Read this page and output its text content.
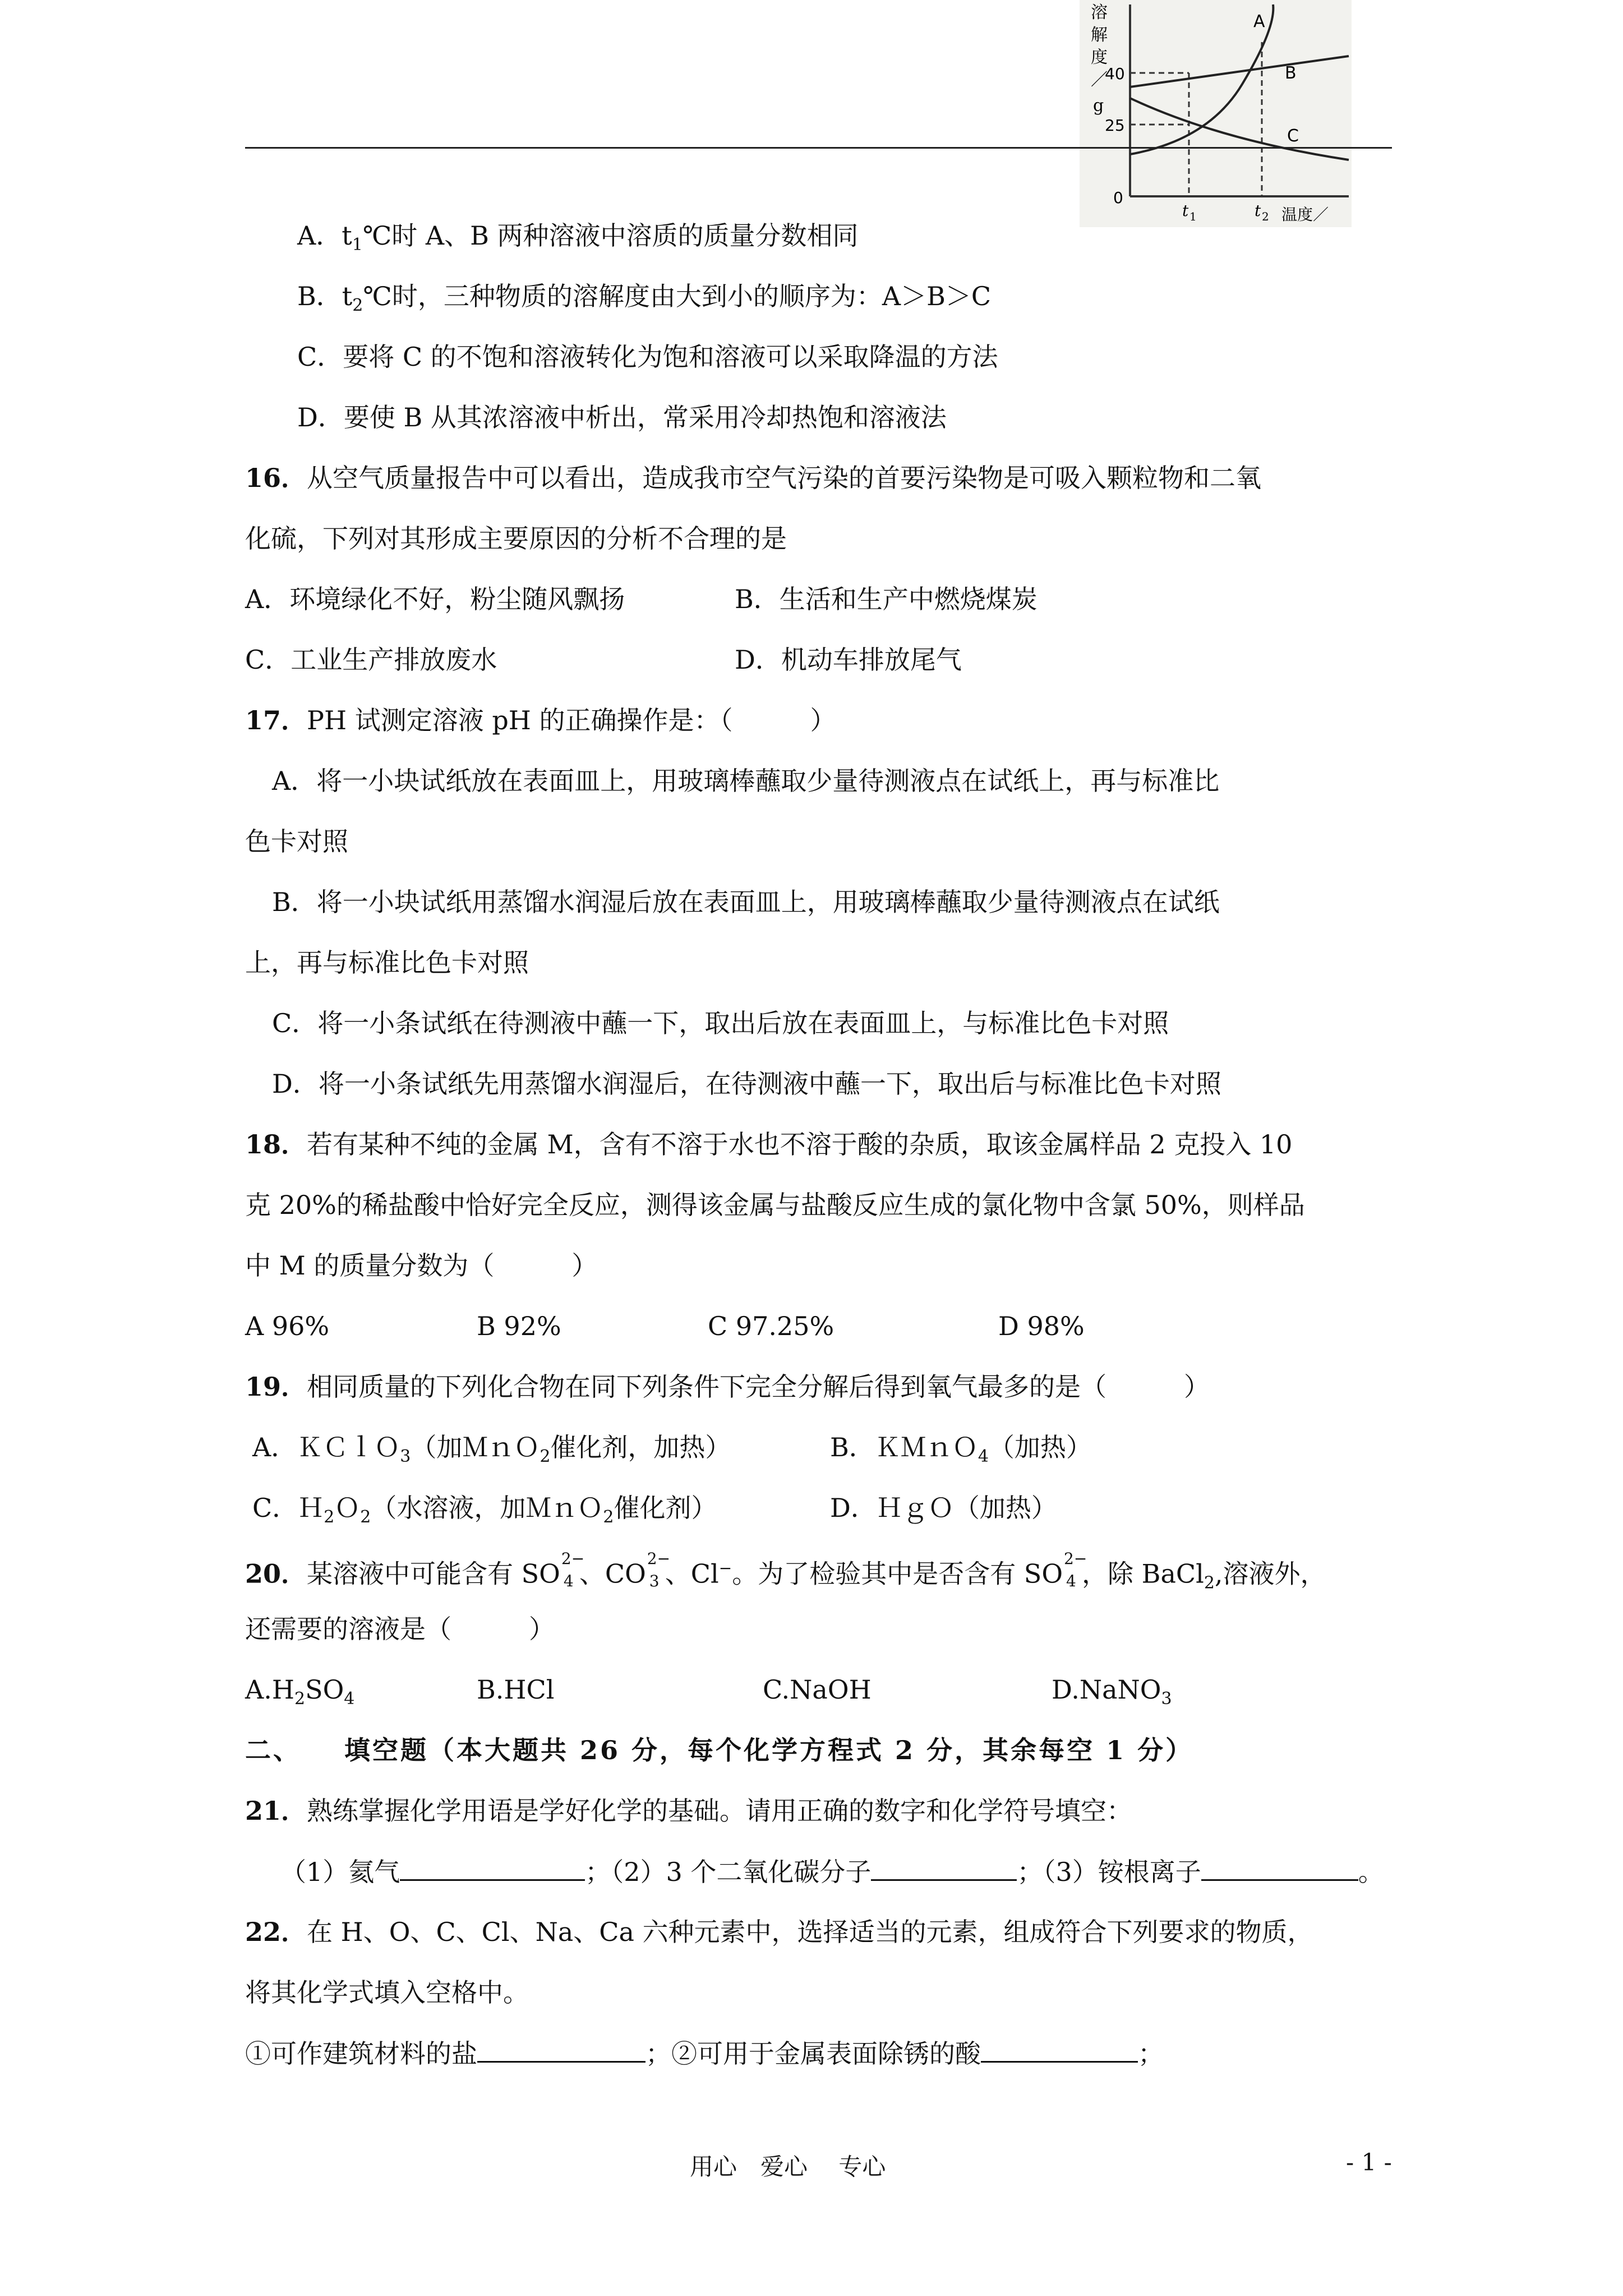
溶
解
度
／
g
40
25
0
t 1	t 2 温度／
A
B
C
A．$t_1℃$时 A、B 两种溶液中溶质的质量分数相同
B．$t_2℃$时，三种物质的溶解度由大到小的顺序为：A＞B＞C
C．要将 C 的不饱和溶液转化为饱和溶液可以采取降温的方法
D．要使 B 从其浓溶液中析出，常采用冷却热饱和溶液法
16．从空气质量报告中可以看出，造成我市空气污染的首要污染物是可吸入颗粒物和二氧
化硫，下列对其形成主要原因的分析不合理的是
A．环境绿化不好，粉尘随风飘扬	B．生活和生产中燃烧煤炭
C．工业生产排放废水	D．机动车排放尾气
17．PH 试测定溶液 pH 的正确操作是：（　　　）
A．将一小块试纸放在表面皿上，用玻璃棒蘸取少量待测液点在试纸上，再与标准比
色卡对照
B．将一小块试纸用蒸馏水润湿后放在表面皿上，用玻璃棒蘸取少量待测液点在试纸
上，再与标准比色卡对照
C．将一小条试纸在待测液中蘸一下，取出后放在表面皿上，与标准比色卡对照
D．将一小条试纸先用蒸馏水润湿后，在待测液中蘸一下，取出后与标准比色卡对照
18．若有某种不纯的金属 M，含有不溶于水也不溶于酸的杂质，取该金属样品 2 克投入 10
克 20%的稀盐酸中恰好完全反应，测得该金属与盐酸反应生成的氯化物中含氯 50%，则样品
中 M 的质量分数为（　　　）
A 96%	B 92%	C 97.25%	D 98%
19．相同质量的下列化合物在同下列条件下完全分解后得到氧气最多的是（　　　）
A．ＫＣｌＯ$_3$（加ＭｎＯ$_2$催化剂，加热）	B．ＫＭｎＯ$_4$（加热）
C．Ｈ$_2$Ｏ$_2$（水溶液，加ＭｎＯ$_2$催化剂）	D．ＨｇＯ（加热）
20．某溶液中可能含有 SO 2−
4 、CO 2−
3 、Cl−。为了检验其中是否含有 SO 2−
4 ，除 BaCl$_2$,溶液外，
还需要的溶液是（　　　）
$A.H_2SO_4$	B.HCl	C.NaOH	D.NaNO$_3$
二、　　填空题（本大题共 26 分，每个化学方程式 2 分，其余每空 1 分）
21．熟练掌握化学用语是学好化学的基础。请用正确的数字和化学符号填空：
（1）氦气	；（2）3 个二氧化碳分子	；（3）铵根离子	。
22．在 H、O、C、Cl、Na、Ca 六种元素中，选择适当的元素，组成符合下列要求的物质，
将其化学式填入空格中。
①可作建筑材料的盐	；②可用于金属表面除锈的酸	；
用心　爱心　 专心	- 1 -
